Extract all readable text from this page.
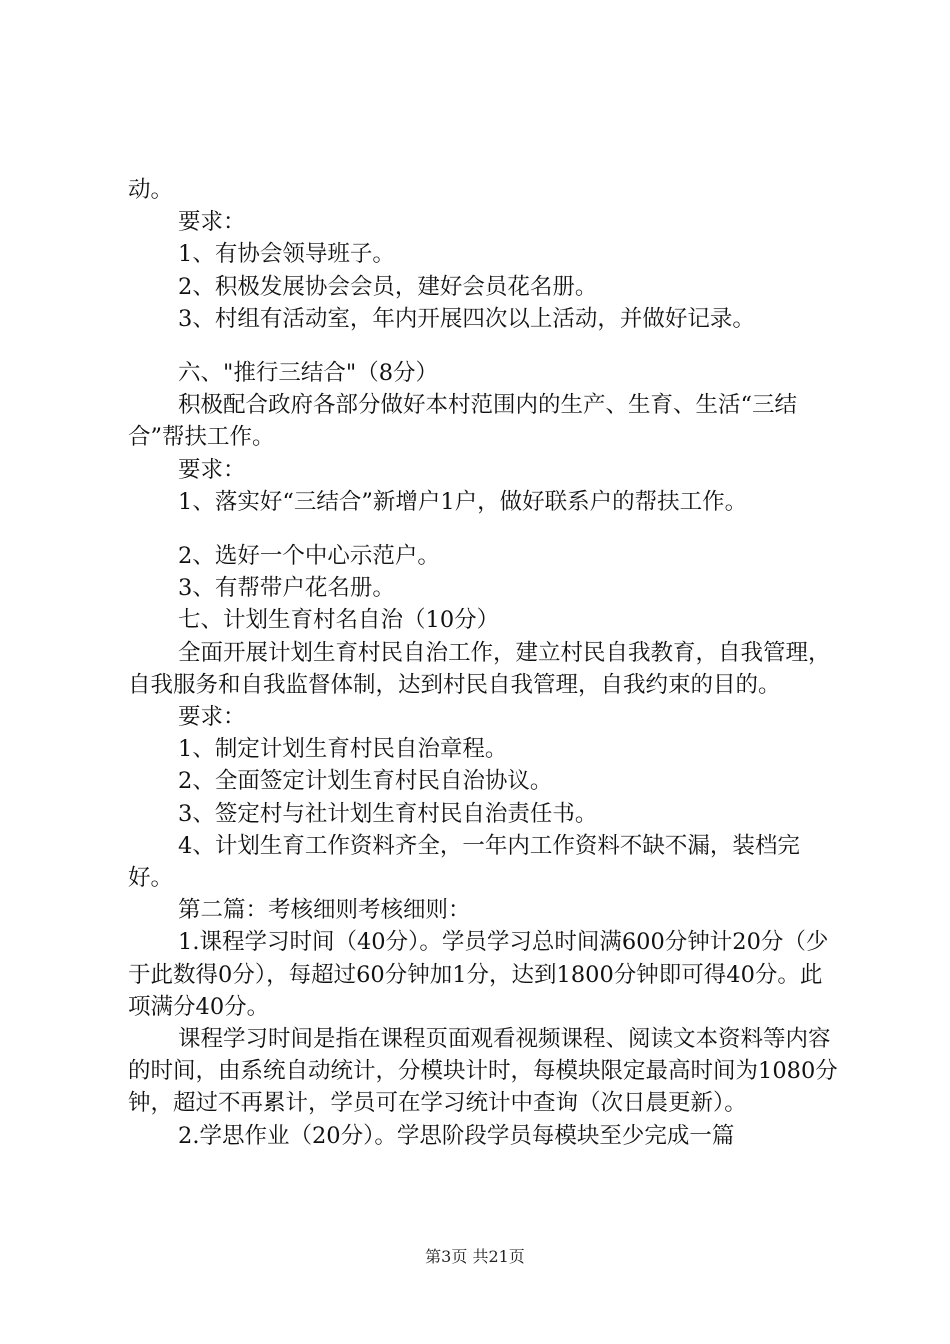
动。

要求：

1、有协会领导班子。

2、积极发展协会会员，建好会员花名册。

3、村组有活动室，年内开展四次以上活动，并做好记录。

六、"推行三结合"（8分）

积极配合政府各部分做好本村范围内的生产、生育、生活“三结合”帮扶工作。

要求：

1、落实好“三结合”新增户1户，做好联系户的帮扶工作。

2、选好一个中心示范户。

3、有帮带户花名册。

七、计划生育村名自治（10分）

全面开展计划生育村民自治工作，建立村民自我教育，自我管理，自我服务和自我监督体制，达到村民自我管理，自我约束的目的。

要求：

1、制定计划生育村民自治章程。

2、全面签定计划生育村民自治协议。

3、签定村与社计划生育村民自治责任书。

4、计划生育工作资料齐全，一年内工作资料不缺不漏，装档完好。

第二篇：考核细则考核细则：

1.课程学习时间（40分）。学员学习总时间满600分钟计20分（少于此数得0分），每超过60分钟加1分，达到1800分钟即可得40分。此项满分40分。

课程学习时间是指在课程页面观看视频课程、阅读文本资料等内容的时间，由系统自动统计，分模块计时，每模块限定最高时间为1080分钟，超过不再累计，学员可在学习统计中查询（次日晨更新）。

2.学思作业（20分）。学思阶段学员每模块至少完成一篇

第3页 共21页
